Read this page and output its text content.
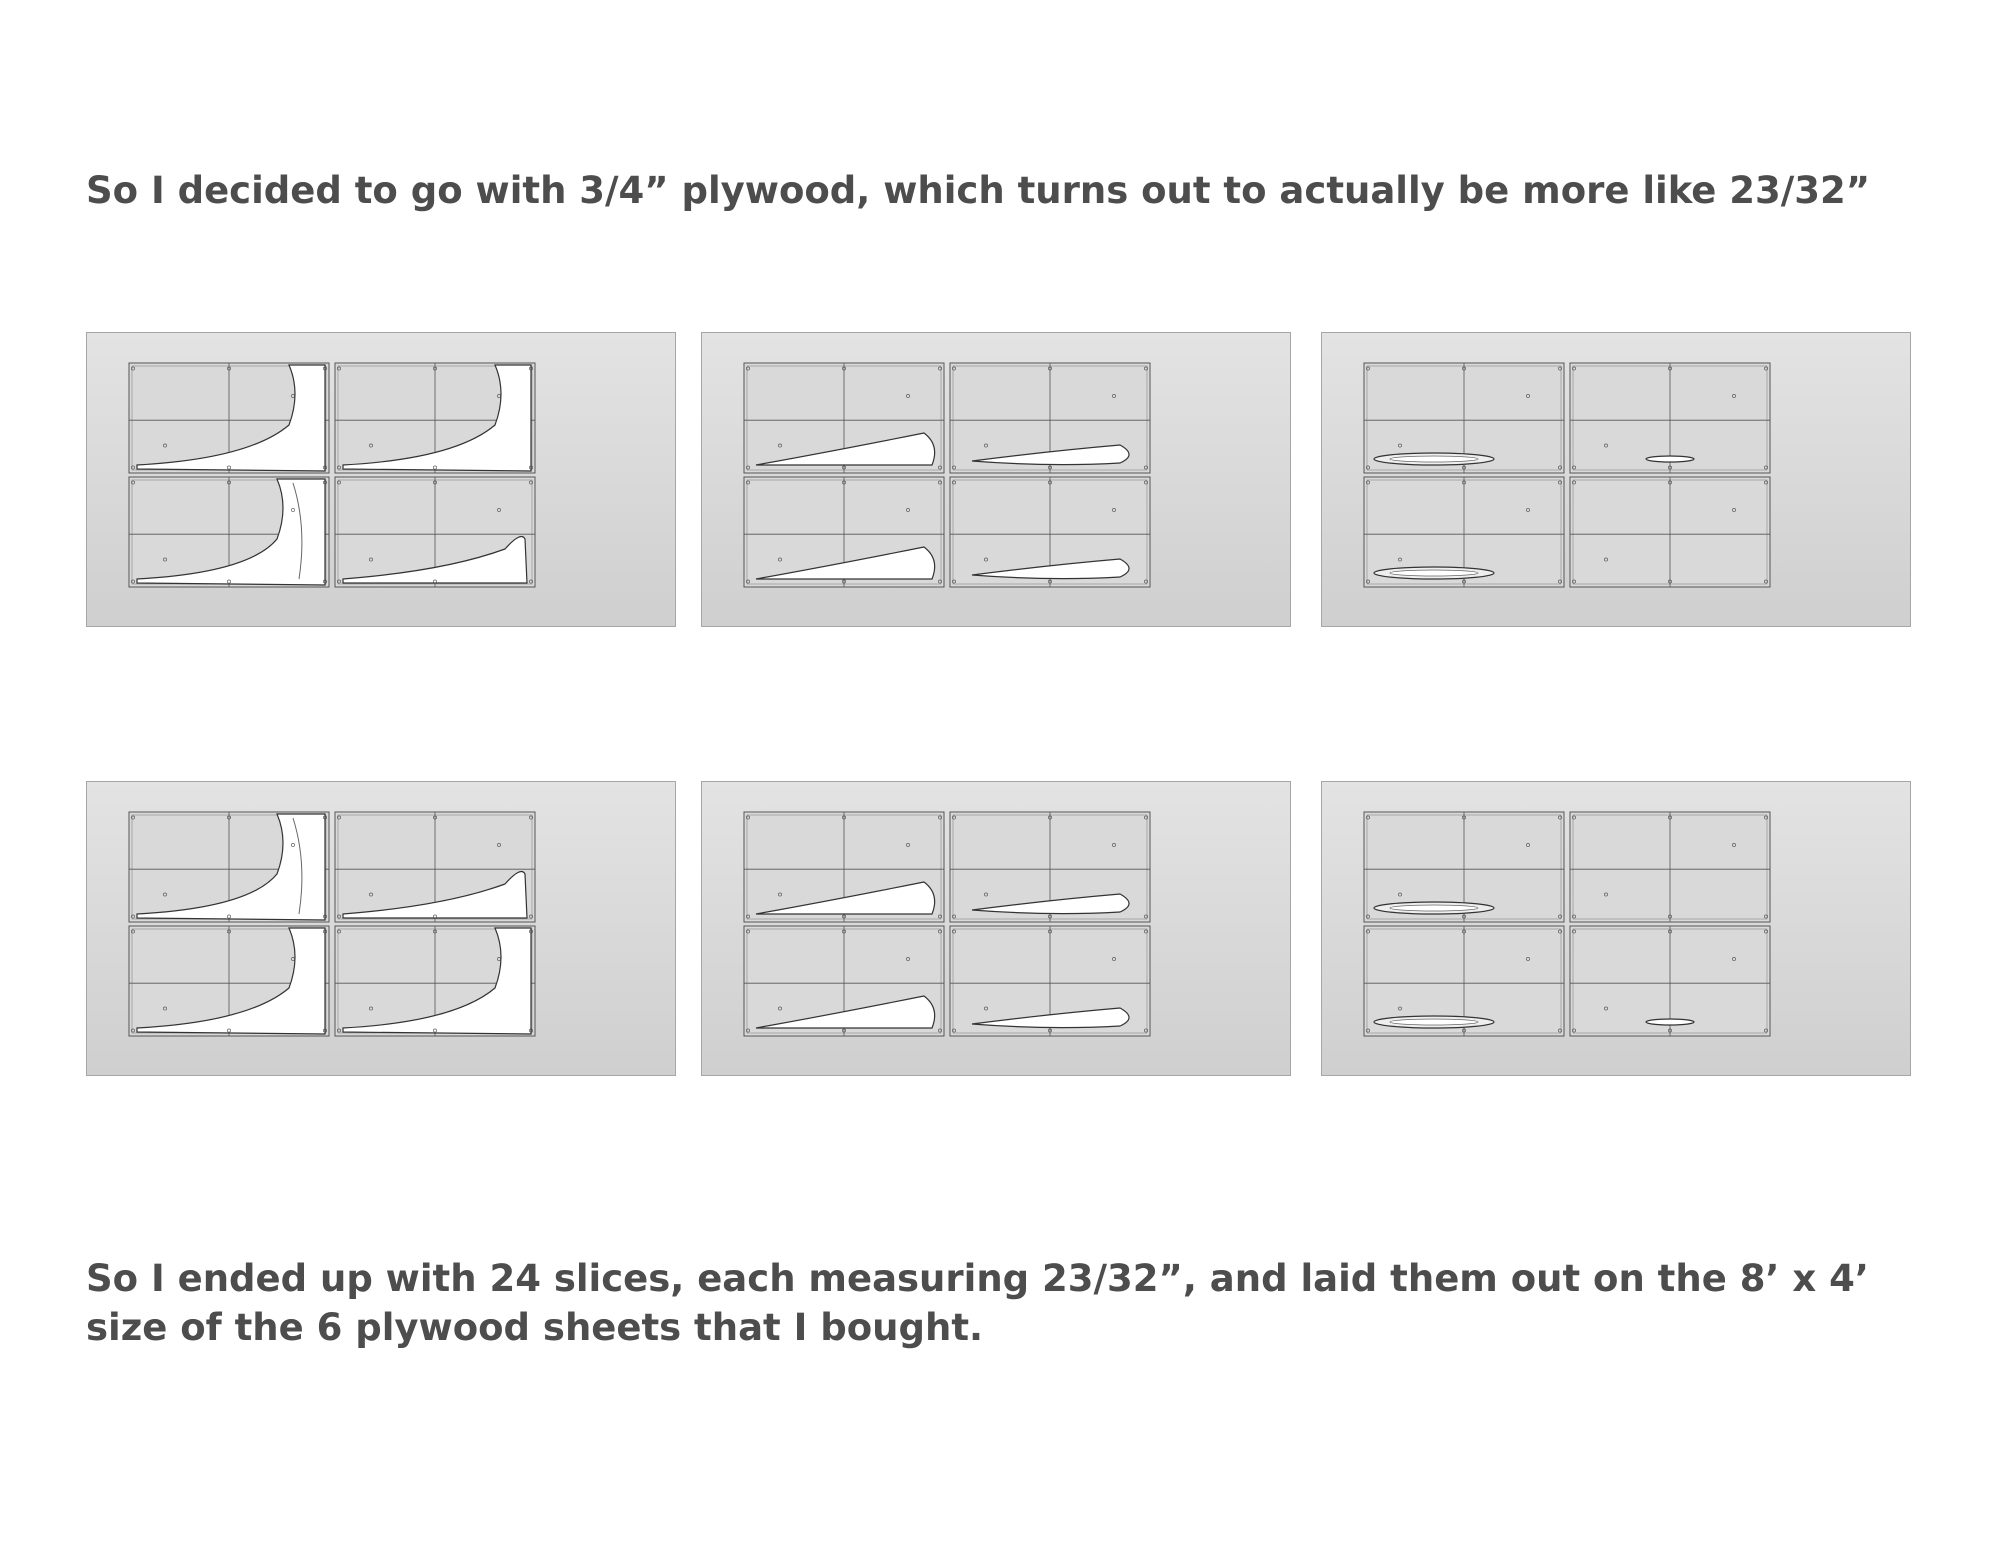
So I decided to go with 3/4” plywood, which turns out to actually be more like 23/32”

So I ended up with 24 slices, each measuring 23/32”, and laid them out on the 8’ x 4’ size of the 6 plywood sheets that I bought.
